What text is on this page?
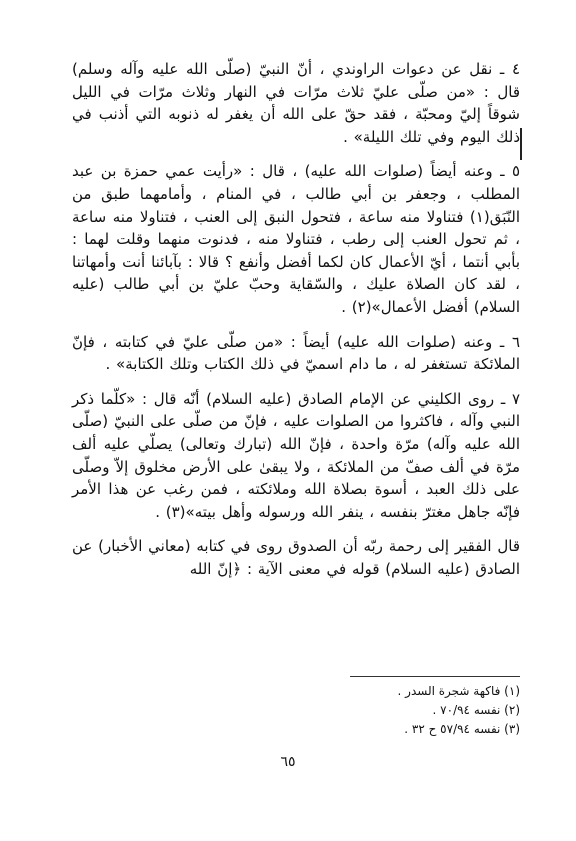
٤ ـ نقل عن دعوات الراوندي ، أنّ النبيّ (صلّى الله عليه وآله وسلم) قال : «من صلّى عليّ ثلاث مرّات في النهار وثلاث مرّات في الليل شوقاً إليّ ومحبّة ، فقد حقّ على الله أن يغفر له ذنوبه التي أذنب في ذلك اليوم وفي تلك الليلة» .

٥ ـ وعنه أيضاً (صلوات الله عليه) ، قال : «رأيت عمي حمزة بن عبد المطلب ، وجعفر بن أبي طالب ، في المنام ، وأمامهما طبق من النّبَق(١) فتناولا منه ساعة ، فتحول النبق إلى العنب ، فتناولا منه ساعة ، ثم تحول العنب إلى رطب ، فتناولا منه ، فدنوت منهما وقلت لهما : بأبي أنتما ، أيّ الأعمال كان لكما أفضل وأنفع ؟ قالا : بآبائنا أنت وأمهاتنا ، لقد كان الصلاة عليك ، والسّقاية وحبّ عليّ بن أبي طالب (عليه السلام) أفضل الأعمال»(٢) .

٦ ـ وعنه (صلوات الله عليه) أيضاً : «من صلّى عليّ في كتابته ، فإنّ الملائكة تستغفر له ، ما دام اسميّ في ذلك الكتاب وتلك الكتابة» .

٧ ـ روى الكليني عن الإمام الصادق (عليه السلام) أنّه قال : «كلّما ذكر النبي وآله ، فاكثروا من الصلوات عليه ، فإنّ من صلّى على النبيّ (صلّى الله عليه وآله) مرّة واحدة ، فإنّ الله (تبارك وتعالى) يصلّي عليه ألف مرّة في ألف صفّ من الملائكة ، ولا يبقىٰ على الأرض مخلوق إلاّ وصلّى على ذلك العبد ، أسوة بصلاة الله وملائكته ، فمن رغب عن هذا الأمر فإنّه جاهل مغترّ بنفسه ، ينفر الله ورسوله وأهل بيته»(٣) .

قال الفقير إلى رحمة ربّه أن الصدوق روى في كتابه (معاني الأخبار) عن الصادق (عليه السلام) قوله في معنى الآية : ﴿إنّ الله

(١) فاكهة شجرة السدر .

(٢) نفسه ٧٠/٩٤ .

(٣) نفسه ٥٧/٩٤ ح ٣٢ .

٦٥
